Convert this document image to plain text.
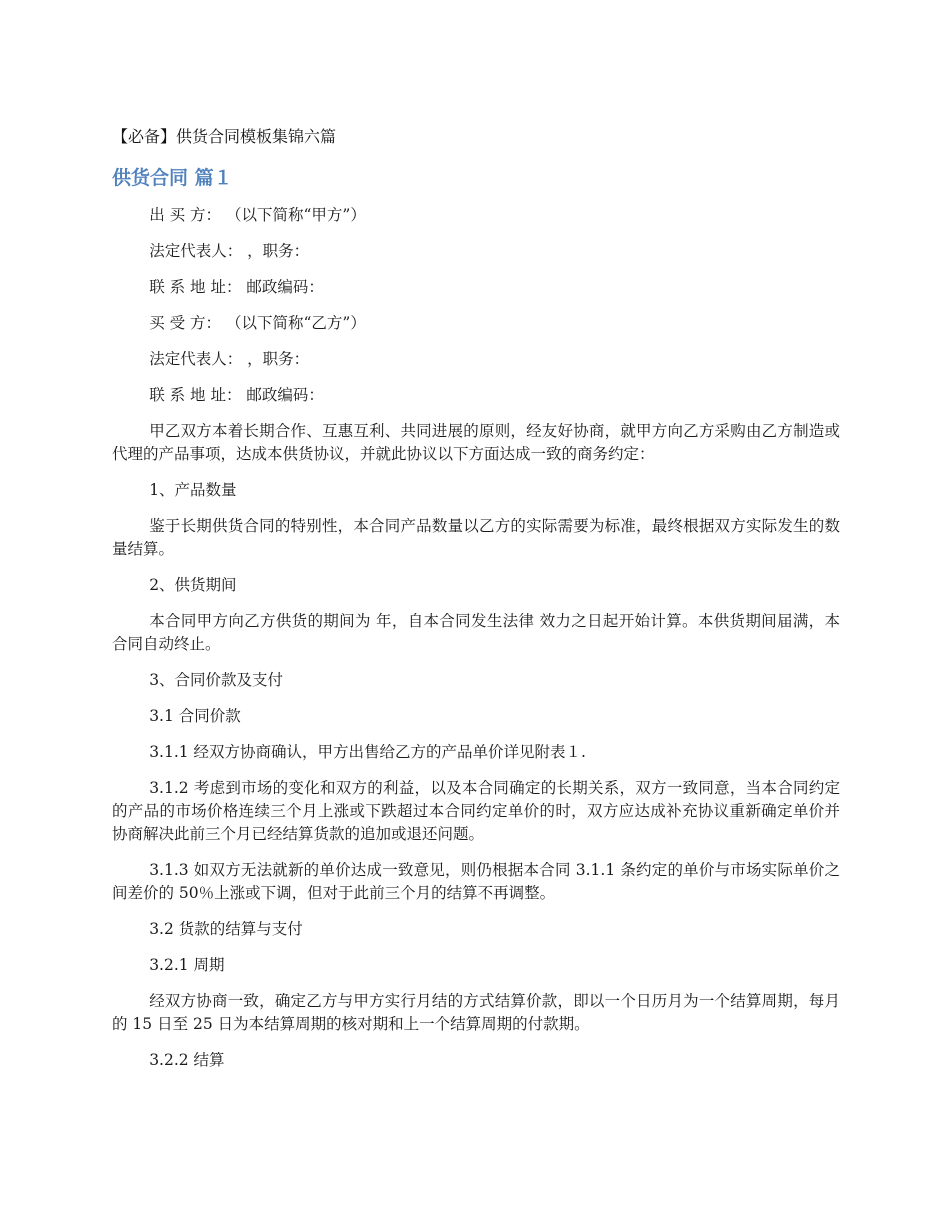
【必备】供货合同模板集锦六篇
供货合同 篇１

出 买 方： （以下简称“甲方”）

法定代表人： ，职务：

联 系 地 址： 邮政编码：

买 受 方： （以下简称“乙方”）

法定代表人： ，职务：

联 系 地 址： 邮政编码：

甲乙双方本着长期合作、互惠互利、共同进展的原则，经友好协商，就甲方向乙方采购由乙方制造或代理的产品事项，达成本供货协议，并就此协议以下方面达成一致的商务约定：

1、产品数量

鉴于长期供货合同的特别性，本合同产品数量以乙方的实际需要为标准，最终根据双方实际发生的数量结算。

2、供货期间

本合同甲方向乙方供货的期间为 年，自本合同发生法律 效力之日起开始计算。本供货期间届满，本合同自动终止。

3、合同价款及支付

3.1 合同价款

3.1.1 经双方协商确认，甲方出售给乙方的产品单价详见附表１.

3.1.2 考虑到市场的变化和双方的利益，以及本合同确定的长期关系，双方一致同意，当本合同约定的产品的市场价格连续三个月上涨或下跌超过本合同约定单价的时，双方应达成补充协议重新确定单价并协商解决此前三个月已经结算货款的追加或退还问题。

3.1.3 如双方无法就新的单价达成一致意见，则仍根据本合同 3.1.1 条约定的单价与市场实际单价之间差价的 50％上涨或下调，但对于此前三个月的结算不再调整。

3.2 货款的结算与支付

3.2.1 周期

经双方协商一致，确定乙方与甲方实行月结的方式结算价款，即以一个日历月为一个结算周期，每月的 15 日至 25 日为本结算周期的核对期和上一个结算周期的付款期。

3.2.2 结算
